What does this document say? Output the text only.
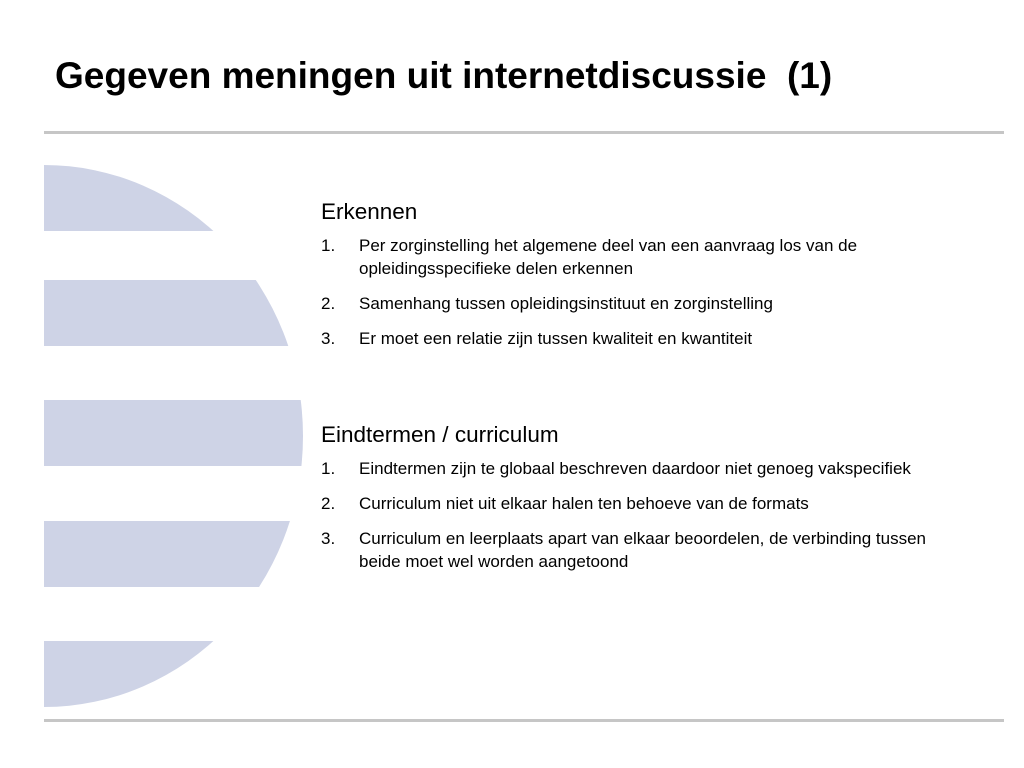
Gegeven meningen uit internetdiscussie  (1)
Erkennen
1. Per zorginstelling het algemene deel van een aanvraag los van de opleidingsspecifieke delen erkennen
2. Samenhang tussen opleidingsinstituut en zorginstelling
3. Er moet een relatie zijn tussen kwaliteit en kwantiteit
Eindtermen / curriculum
1. Eindtermen zijn te globaal beschreven daardoor niet genoeg vakspecifiek
2. Curriculum niet uit elkaar halen ten behoeve van de formats
3. Curriculum en leerplaats apart van elkaar beoordelen, de verbinding tussen beide moet wel worden aangetoond
